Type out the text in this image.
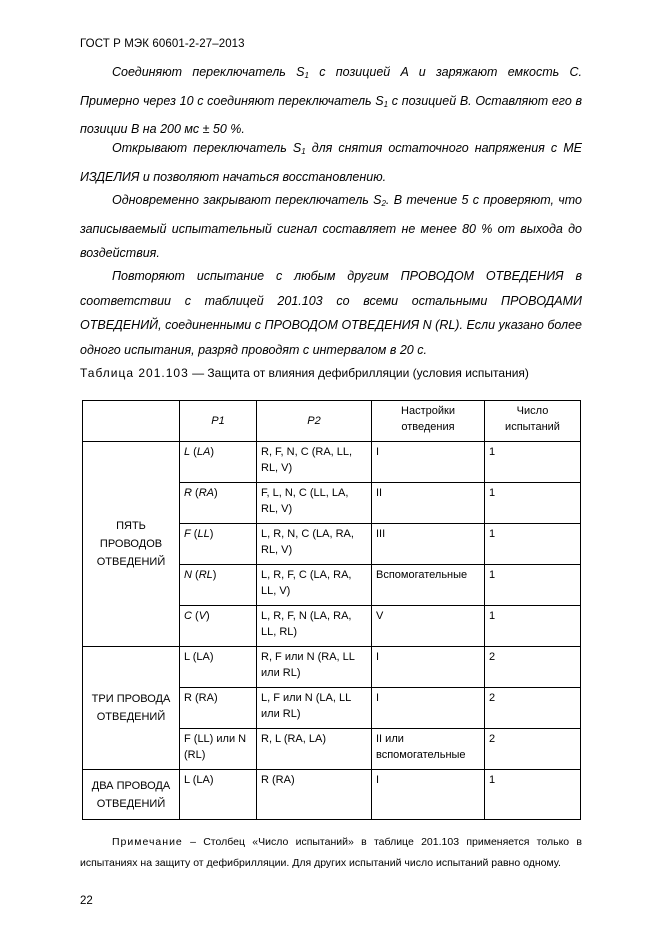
ГОСТ Р МЭК 60601-2-27–2013

Соединяют переключатель $S_1$ с позицией A и заряжают емкость C. Примерно через 10 с соединяют переключатель $S_1$ с позицией B. Оставляют его в позиции B на 200 мс ± 50 %.

Открывают переключатель $S_1$ для снятия остаточного напряжения с МЕ ИЗДЕЛИЯ и позволяют начаться восстановлению.

Одновременно закрывают переключатель $S_2$. В течение 5 с проверяют, что записываемый испытательный сигнал составляет не менее 80 % от выхода до воздействия.

Повторяют испытание с любым другим ПРОВОДОМ ОТВЕДЕНИЯ в соответствии с таблицей 201.103 со всеми остальными ПРОВОДАМИ ОТВЕДЕНИЙ, соединенными с ПРОВОДОМ ОТВЕДЕНИЯ N (RL). Если указано более одного испытания, разряд проводят с интервалом в 20 с.

Таблица 201.103 — Защита от влияния дефибрилляции (условия испытания)
	P1	P2	Настройки отведения	Число испытаний
ПЯТЬ ПРОВОДОВ ОТВЕДЕНИЙ	L (LA)	R, F, N, C (RA, LL, RL, V)	I	1
	R (RA)	F, L, N, C (LL, LA, RL, V)	II	1
	F (LL)	L, R, N, C (LA, RA, RL, V)	III	1
	N (RL)	L, R, F, C (LA, RA, LL, V)	Вспомогательные	1
	C (V)	L, R, F, N (LA, RA, LL, RL)	V	1
ТРИ ПРОВОДА ОТВЕДЕНИЙ	L (LA)	R, F или N (RA, LL или RL)	I	2
	R (RA)	L, F или N (LA, LL или RL)	I	2
	F (LL) или N (RL)	R, L (RA, LA)	II или вспомогательные	2
ДВА ПРОВОДА ОТВЕДЕНИЙ	L (LA)	R (RA)	I	1
Примечание – Столбец «Число испытаний» в таблице 201.103 применяется только в испытаниях на защиту от дефибрилляции. Для других испытаний число испытаний равно одному.
22
